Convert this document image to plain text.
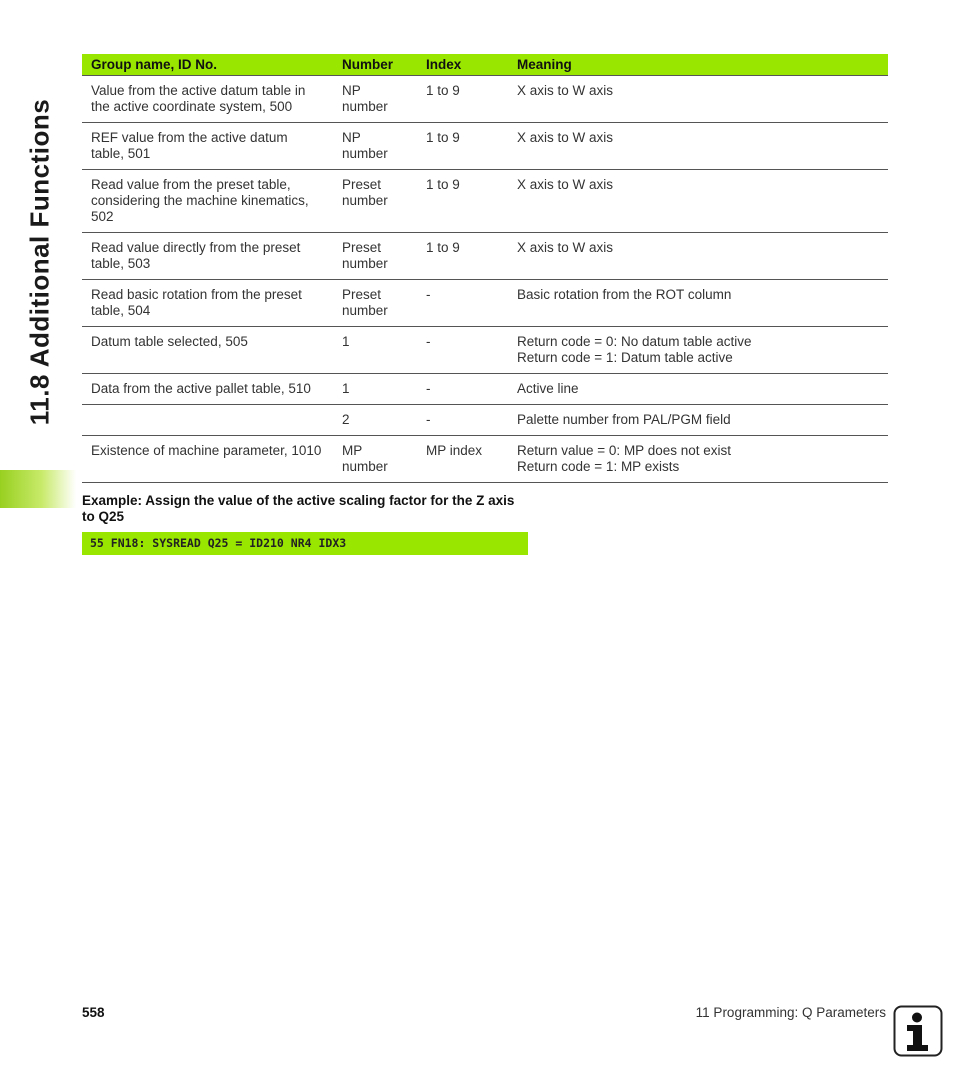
11.8 Additional Functions
Group name, ID No.	Number	Index	Meaning
Value from the active datum table in the active coordinate system, 500	NP number	1 to 9	X axis to W axis
REF value from the active datum table, 501	NP number	1 to 9	X axis to W axis
Read value from the preset table, considering the machine kinematics, 502	Preset number	1 to 9	X axis to W axis
Read value directly from the preset table, 503	Preset number	1 to 9	X axis to W axis
Read basic rotation from the preset table, 504	Preset number	-	Basic rotation from the ROT column
Datum table selected, 505	1	-	Return code = 0: No datum table active
Return code = 1: Datum table active
Data from the active pallet table, 510	1	-	Active line
	2	-	Palette number from PAL/PGM field
Existence of machine parameter, 1010	MP number	MP index	Return value = 0: MP does not exist
Return code = 1: MP exists
Example: Assign the value of the active scaling factor for the Z axis to Q25
55 FN18: SYSREAD Q25 = ID210 NR4 IDX3
558	11 Programming: Q Parameters
